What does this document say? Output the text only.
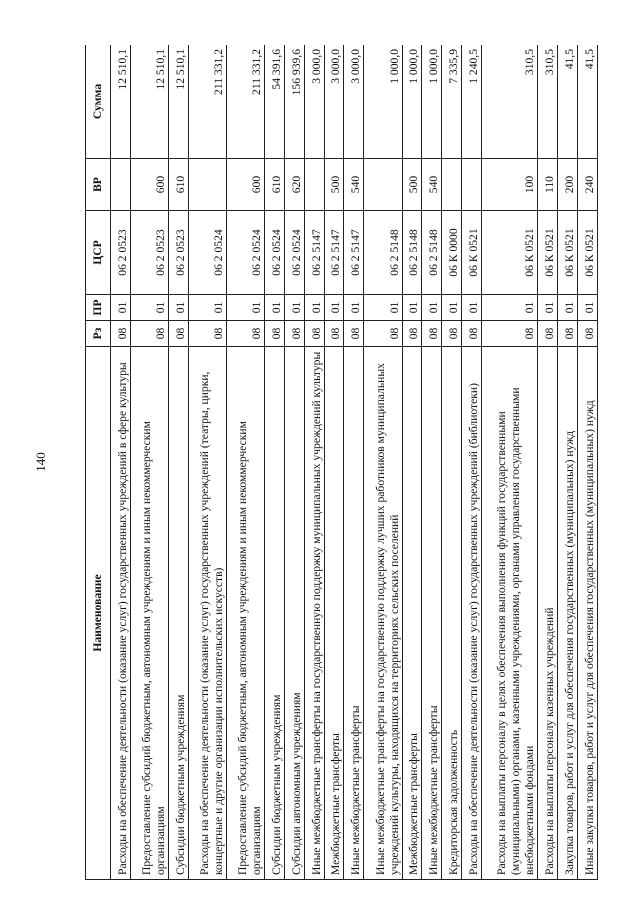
140
Наименование	Рз	ПР	ЦСР	ВР	Сумма
Расходы на обеспечение деятельности (оказание услуг) государственных учреждений в сфере культуры	08	01	06 2 0523		12 510,1
Предоставление субсидий бюджетным, автономным учреждениям и иным некоммерческим организациям	08	01	06 2 0523	600	12 510,1
Субсидии бюджетным учреждениям	08	01	06 2 0523	610	12 510,1
Расходы на обеспечение деятельности (оказание услуг) государственных учреждений (театры, цирки, концертные и другие организации исполнительских искусств)	08	01	06 2 0524		211 331,2
Предоставление субсидий бюджетным, автономным учреждениям и иным некоммерческим организациям	08	01	06 2 0524	600	211 331,2
Субсидии бюджетным учреждениям	08	01	06 2 0524	610	54 391,6
Субсидии автономным учреждениям	08	01	06 2 0524	620	156 939,6
Иные межбюджетные трансферты на государственную поддержку муниципальных учреждений культуры	08	01	06 2 5147		3 000,0
Межбюджетные трансферты	08	01	06 2 5147	500	3 000,0
Иные межбюджетные трансферты	08	01	06 2 5147	540	3 000,0
Иные межбюджетные трансферты на государственную поддержку лучших работников муниципальных учреждений культуры, находящихся на территориях сельских поселений	08	01	06 2 5148		1 000,0
Межбюджетные трансферты	08	01	06 2 5148	500	1 000,0
Иные межбюджетные трансферты	08	01	06 2 5148	540	1 000,0
Кредиторская задолженность	08	01	06 К 0000		7 335,9
Расходы на обеспечение деятельности (оказание услуг) государственных учреждений (библиотеки)	08	01	06 К 0521		1 240,5
Расходы на выплаты персоналу в целях обеспечения выполнения функций государственными (муниципальными) органами, казенными учреждениями, органами управления государственными внебюджетными фондами	08	01	06 К 0521	100	310,5
Расходы на выплаты персоналу казенных учреждений	08	01	06 К 0521	110	310,5
Закупка товаров, работ и услуг для обеспечения государственных (муниципальных) нужд	08	01	06 К 0521	200	41,5
Иные закупки товаров, работ и услуг для обеспечения государственных (муниципальных) нужд	08	01	06 К 0521	240	41,5
